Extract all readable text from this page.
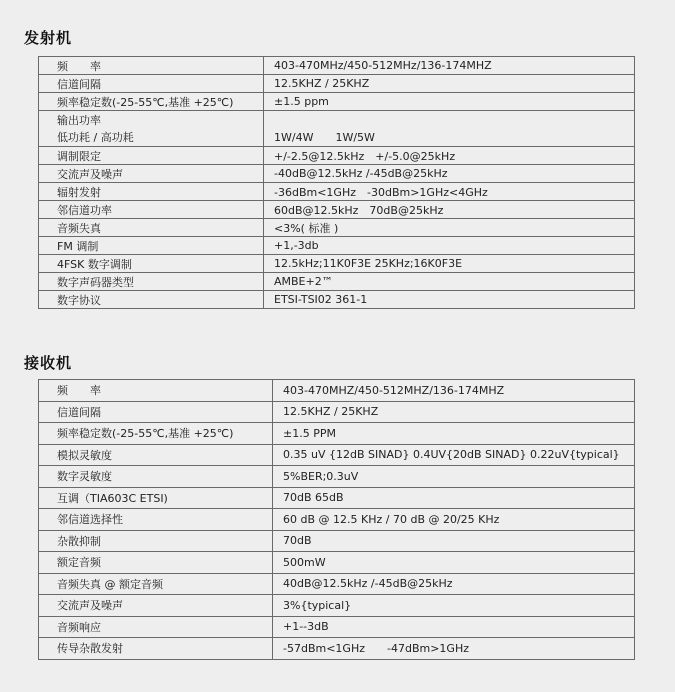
发射机
频　　率	403-470MHz/450-512MHz/136-174MHZ
信道间隔	12.5KHZ / 25KHZ
频率稳定数(-25-55℃,基准 +25℃)	±1.5 ppm

输出功率
低功耗 / 高功耗	1W/4W　　1W/5W
调制限定	+/-2.5@12.5kHz　+/-5.0@25kHz
交流声及噪声	-40dB@12.5kHz /-45dB@25kHz
辐射发射	-36dBm<1GHz　-30dBm>1GHz<4GHz
邻信道功率	60dB@12.5kHz　70dB@25kHz
音频失真	<3%( 标准 )
FM 调制	+1,-3db
4FSK 数字调制	12.5kHz;11K0F3E 25KHz;16K0F3E
数字声码器类型	AMBE+2™
数字协议	ETSI-TSI02 361-1
接收机
频　　率	403-470MHZ/450-512MHZ/136-174MHZ
信道间隔	12.5KHZ / 25KHZ
频率稳定数(-25-55℃,基准 +25℃)	±1.5 PPM
模拟灵敏度	0.35 uV {12dB SINAD} 0.4UV{20dB SINAD} 0.22uV{typical}
数字灵敏度	5%BER;0.3uV
互调（TIA603C ETSI)	70dB 65dB
邻信道选择性	60 dB @ 12.5 KHz / 70 dB @ 20/25 KHz
杂散抑制	70dB
额定音频	500mW
音频失真 @ 额定音频	40dB@12.5kHz /-45dB@25kHz
交流声及噪声	3%{typical}
音频响应	+1--3dB
传导杂散发射	-57dBm<1GHz　　-47dBm>1GHz
